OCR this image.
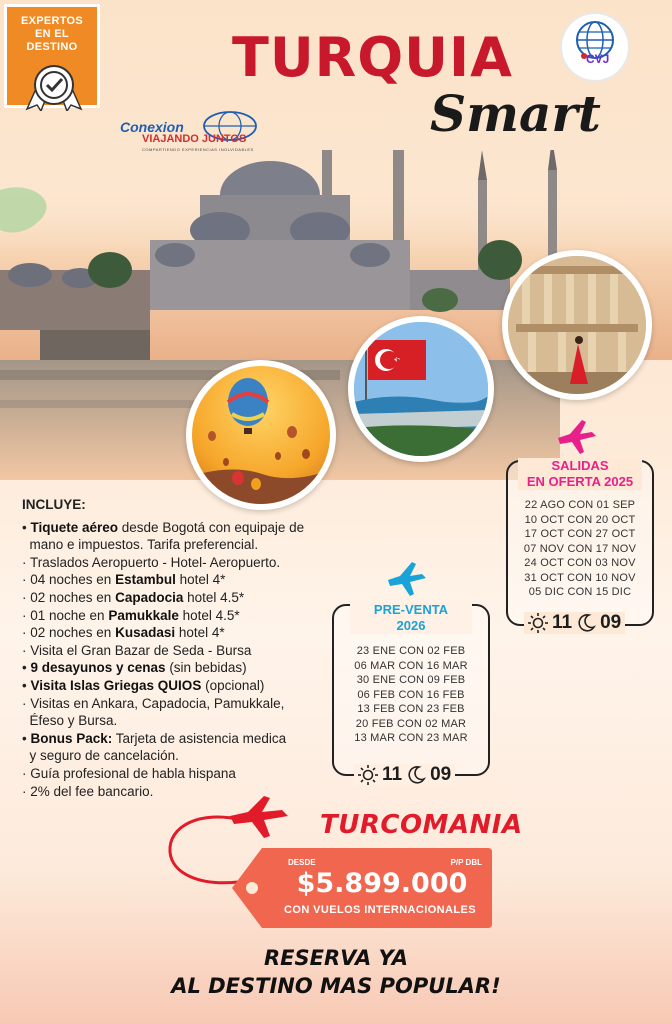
EXPERTOS
EN EL
DESTINO
CVJ
TURQUIA
Smart
Conexion
VIAJANDO JUNTOS
COMPARTIENDO EXPERIENCIAS INOLVIDABLES
SALIDAS
EN OFERTA 2025
22 AGO CON 01 SEP
10 OCT CON 20 OCT
17 OCT CON 27 OCT
07 NOV CON 17 NOV
24 OCT CON 03 NOV
31 OCT CON 10 NOV
05 DIC CON 15 DIC
11 09
PRE-VENTA
2026
23 ENE CON 02 FEB
06 MAR CON 16 MAR
30 ENE CON 09 FEB
06 FEB CON 16 FEB
13 FEB CON 23 FEB
20 FEB CON 02 MAR
13 MAR CON 23 MAR
11 09
INCLUYE:
• Tiquete aéreo desde Bogotá con equipaje de
mano e impuestos. Tarifa preferencial.
· Traslados Aeropuerto - Hotel- Aeropuerto.
· 04 noches en Estambul hotel 4*
· 02 noches en Capadocia hotel 4.5*
· 01 noche en Pamukkale hotel 4.5*
· 02 noches en Kusadasi hotel 4*
· Visita el Gran Bazar de Seda - Bursa
• 9 desayunos y cenas (sin bebidas)
• Visita Islas Griegas QUIOS (opcional)
· Visitas en Ankara, Capadocia, Pamukkale,
Éfeso y Bursa.
• Bonus Pack: Tarjeta de asistencia medica
y seguro de cancelación.
· Guía profesional de habla hispana
· 2% del fee bancario.
TURCOMANIA
DESDE	P/P DBL
$5.899.000
CON VUELOS INTERNACIONALES
RESERVA YA
AL DESTINO MAS POPULAR!
